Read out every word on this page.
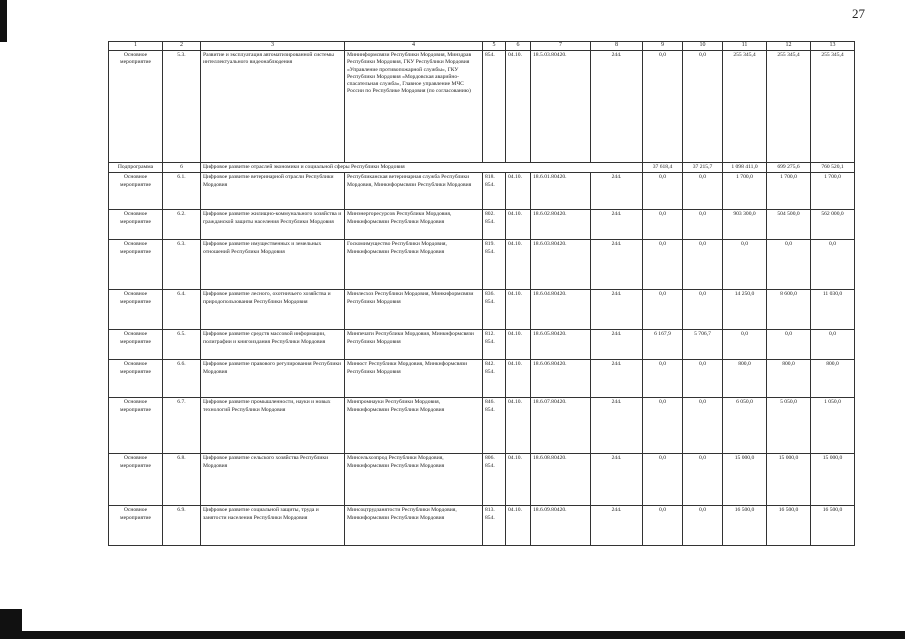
27
1	2	3	4	5	6	7	8	9	10	11	12	13
Основное мероприятие	5.3.	Развитие и эксплуатация автоматизированной системы интеллектуального видеонаблюдения	Мининформсвязи Республики Мордовия, Минздрав Республики Мордовия, ГКУ Республики Мордовия «Управление противопожарной службы», ГКУ Республики Мордовия «Мордовская аварийно-спасательная служба», Главное управление МЧС России по Республике Мордовия (по согласованию)	854.	04.10.	18.5.03.80420.	244.	0,0	0,0	255 345,4	255 345,4	255 345,4
Подпрограмма	6	Цифровое развитие отраслей экономики и социальной сферы Республики Мордовия						37 618,4	37 215,7	1 098 411,0	699 275,6	760 520,1
Основное мероприятие	6.1.	Цифровое развитие ветеринарной отрасли Республики Мордовия	Республиканская ветеринарная служба Республики Мордовия, Минкнформсвязи Республики Мордовия	818. 854.	04.10.	18.6.01.80420.	244.	0,0	0,0	1 700,0	1 700,0	1 700,0
Основное мероприятие	6.2.	Цифровое развитие жилищно-коммунального хозяйства и гражданской защиты населения Республики Мордовия	Минэнергоресурсов Республики Мордовия, Минкнформсвязи Республики Мордовия	802. 854.	04.10.	18.6.02.80420.	244.	0,0	0,0	903 300,0	504 500,0	562 000,0
Основное мероприятие	6.3.	Цифровое развитие имущественных и земельных отношений Республики Мордовия	Госкомимущество Республики Мордовия, Минкнформсвязи Республики Мордовия	819. 854.	04.10.	18.6.03.80420.	244.	0,0	0,0	0,0	0,0	0,0
Основное мероприятие	6.4.	Цифровое развитие лесного, охотничьего хозяйства и природопользования Республики Мордовия	Минлесхоз Республики Мордовия, Минкнформсвязи Республики Мордовия	836. 854.	04.10.	18.6.04.80420.	244.	0,0	0,0	14 250,0	8 600,0	11 030,0
Основное мероприятие	6.5.	Цифровое развитие средств массовой информации, полиграфии и книгоиздания Республики Мордовия	Минпечати Республики Мордовия, Минкнформсвязи Республики Мордовия	812. 854.	04.10.	18.6.05.80420.	244.	6 167,9	5 706,7	0,0	0,0	0,0
Основное мероприятие	6.6.	Цифровое развитие правового регулирования Республики Мордовия	Минюст Республики Мордовия, Минкнформсвязи Республики Мордовия	842. 854.	04.10.	18.6.06.80420.	244.	0,0	0,0	800,0	800,0	800,0
Основное мероприятие	6.7.	Цифровое развитие промышленности, науки и новых технологий Республики Мордовия	Минпромнауки Республики Мордовия, Минкнформсвязи Республики Мордовия	846. 854.	04.10.	18.6.07.80420.	244.	0,0	0,0	6 050,0	5 050,0	1 050,0
Основное мероприятие	6.8.	Цифровое развитие сельского хозяйства Республики Мордовия	Минсельхозпрод Республики Мордовия, Минкнформсвязи Республики Мордовия	806. 854.	04.10.	18.6.08.80420.	244.	0,0	0,0	15 000,0	15 000,0	15 000,0
Основное мероприятие	6.9.	Цифровое развитие социальной защиты, труда и занятости населения Республики Мордовия	Минсоцтрудзанятости Республики Мордовия, Минкнформсвязи Республики Мордовия	813. 854.	04.10.	18.6.09.80420.	244.	0,0	0,0	16 500,0	16 500,0	16 500,0
